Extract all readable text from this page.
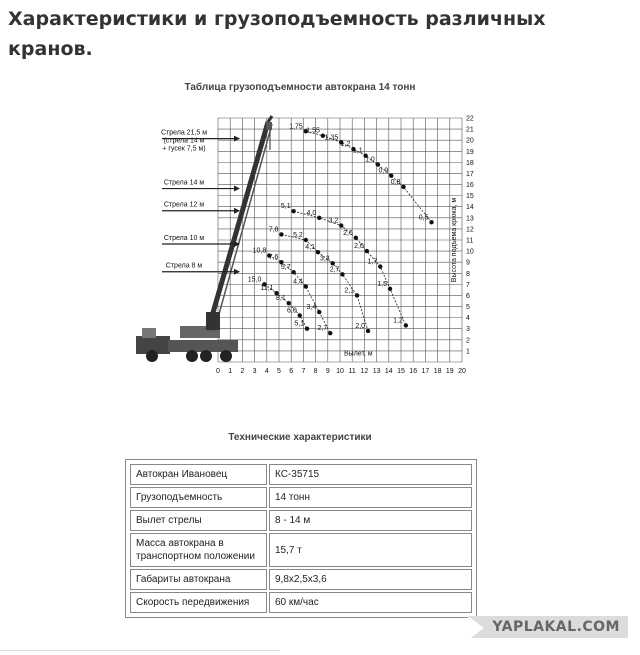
Характеристики и грузоподъемность различных кранов.
Таблица грузоподъемности автокрана 14 тонн
Стрела 21,5 м
(стрела 14 м
+ гусек 7,5 м)
Стрела 14 м
Стрела 12 м
Стрела 10 м
Стрела 8 м
1,75
1,55
1,35
1,2
1,1
1,0
0,9
0,8
0,5
5,1
4,0
3,2
2,6
2,0
1,7
1,5
1,2
7,8
5,2
4,1
3,3
2,7
2,1
2,0
10,8
7,6
5,7
4,4
3,4
2,7
15,0
11,1
8,1
6,0
5,1
0 1 2 3 4 5 6 7 8 9 10 11 12 13 14 15 16 17 18 19 20
1
2
3
4
5
6
7
8
9
10
11
12
13
14
15
16
17
18
19
20
21
22
Вылет, м
Высота подъема крюка, м
Технические характеристики
Автокран Ивановец	КС-35715
Грузоподъемность	14 тонн
Вылет стрелы	8 - 14 м
Масса автокрана в транспортном положении	15,7 т
Габариты автокрана	9,8x2,5x3,6
Скорость передвижения	60 км/час
YAPLAKAL.COM
